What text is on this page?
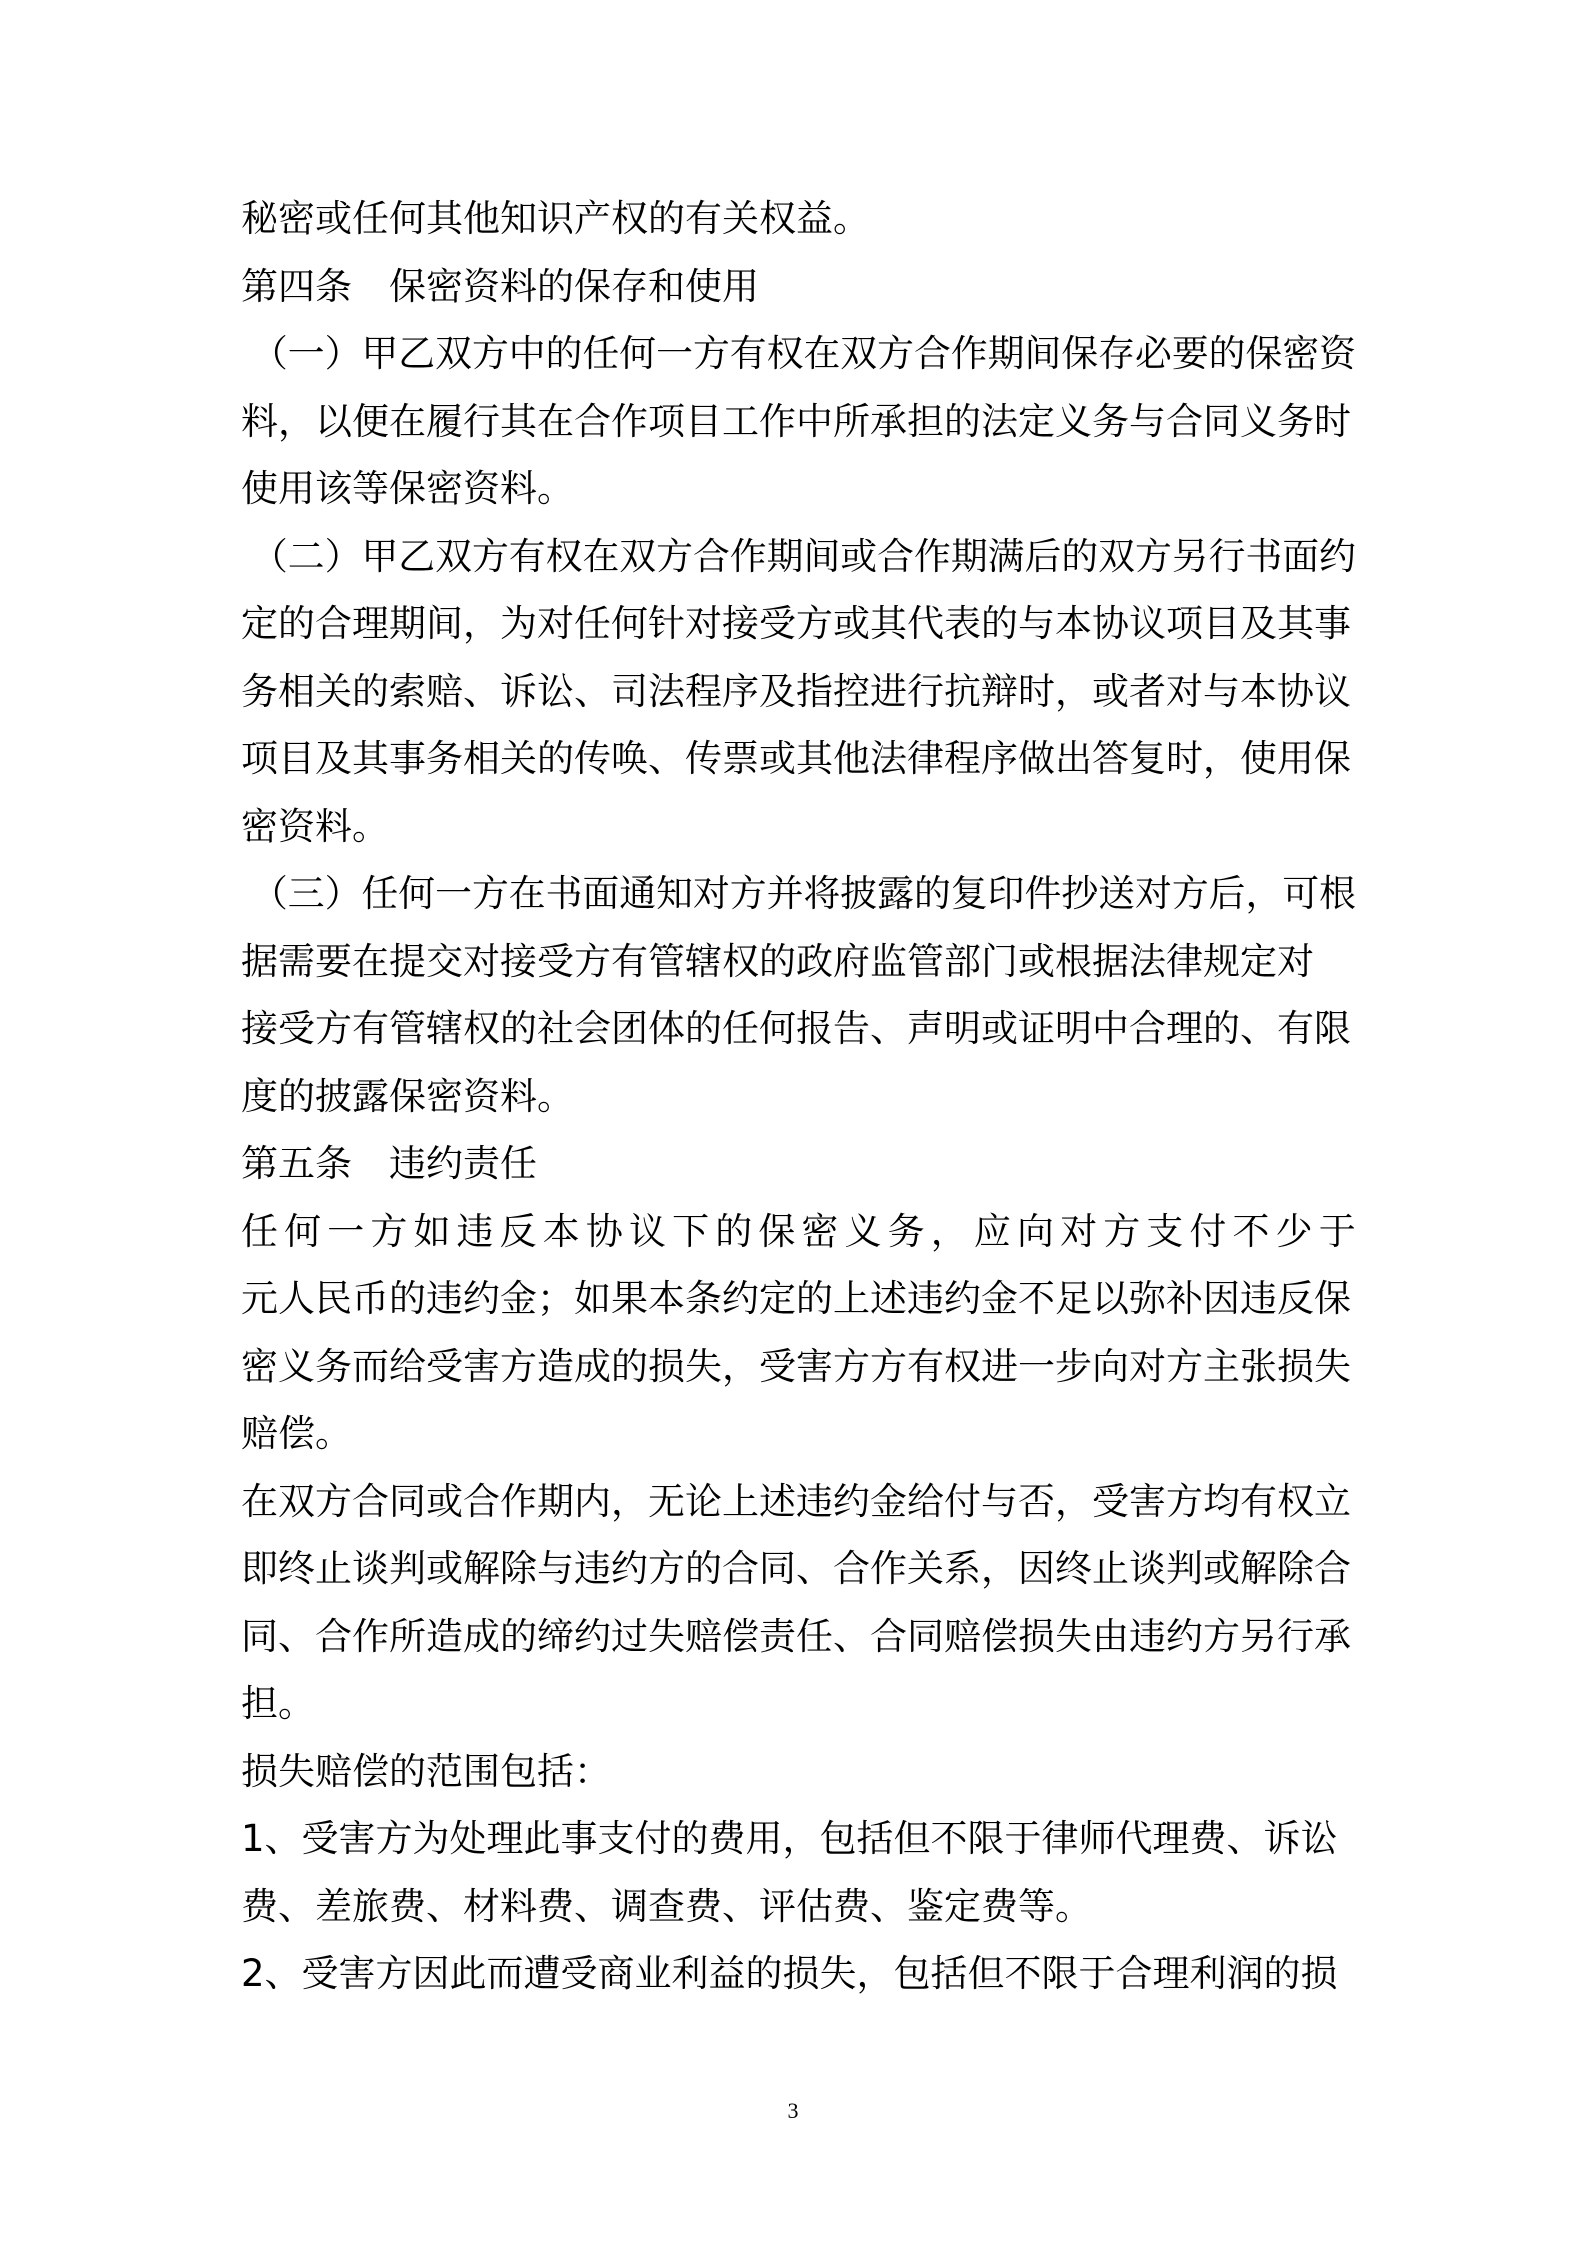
秘密或任何其他知识产权的有关权益。
第四条　保密资料的保存和使用
（一）甲乙双方中的任何一方有权在双方合作期间保存必要的保密资
料，以便在履行其在合作项目工作中所承担的法定义务与合同义务时
使用该等保密资料。
（二）甲乙双方有权在双方合作期间或合作期满后的双方另行书面约
定的合理期间，为对任何针对接受方或其代表的与本协议项目及其事
务相关的索赔、诉讼、司法程序及指控进行抗辩时，或者对与本协议
项目及其事务相关的传唤、传票或其他法律程序做出答复时，使用保
密资料。
（三）任何一方在书面通知对方并将披露的复印件抄送对方后，可根
据需要在提交对接受方有管辖权的政府监管部门或根据法律规定对
接受方有管辖权的社会团体的任何报告、声明或证明中合理的、有限
度的披露保密资料。
第五条　违约责任
任 何 一 方 如 违 反 本 协 议 下 的 保 密 义 务 ， 应 向 对 方 支 付 不 少 于
元人民币的违约金；如果本条约定的上述违约金不足以弥补因违反保
密义务而给受害方造成的损失，受害方方有权进一步向对方主张损失
赔偿。
在双方合同或合作期内，无论上述违约金给付与否，受害方均有权立
即终止谈判或解除与违约方的合同、合作关系，因终止谈判或解除合
同、合作所造成的缔约过失赔偿责任、合同赔偿损失由违约方另行承
担。
损失赔偿的范围包括：
1、受害方为处理此事支付的费用，包括但不限于律师代理费、诉讼
费、差旅费、材料费、调查费、评估费、鉴定费等。
2、受害方因此而遭受商业利益的损失，包括但不限于合理利润的损
3
